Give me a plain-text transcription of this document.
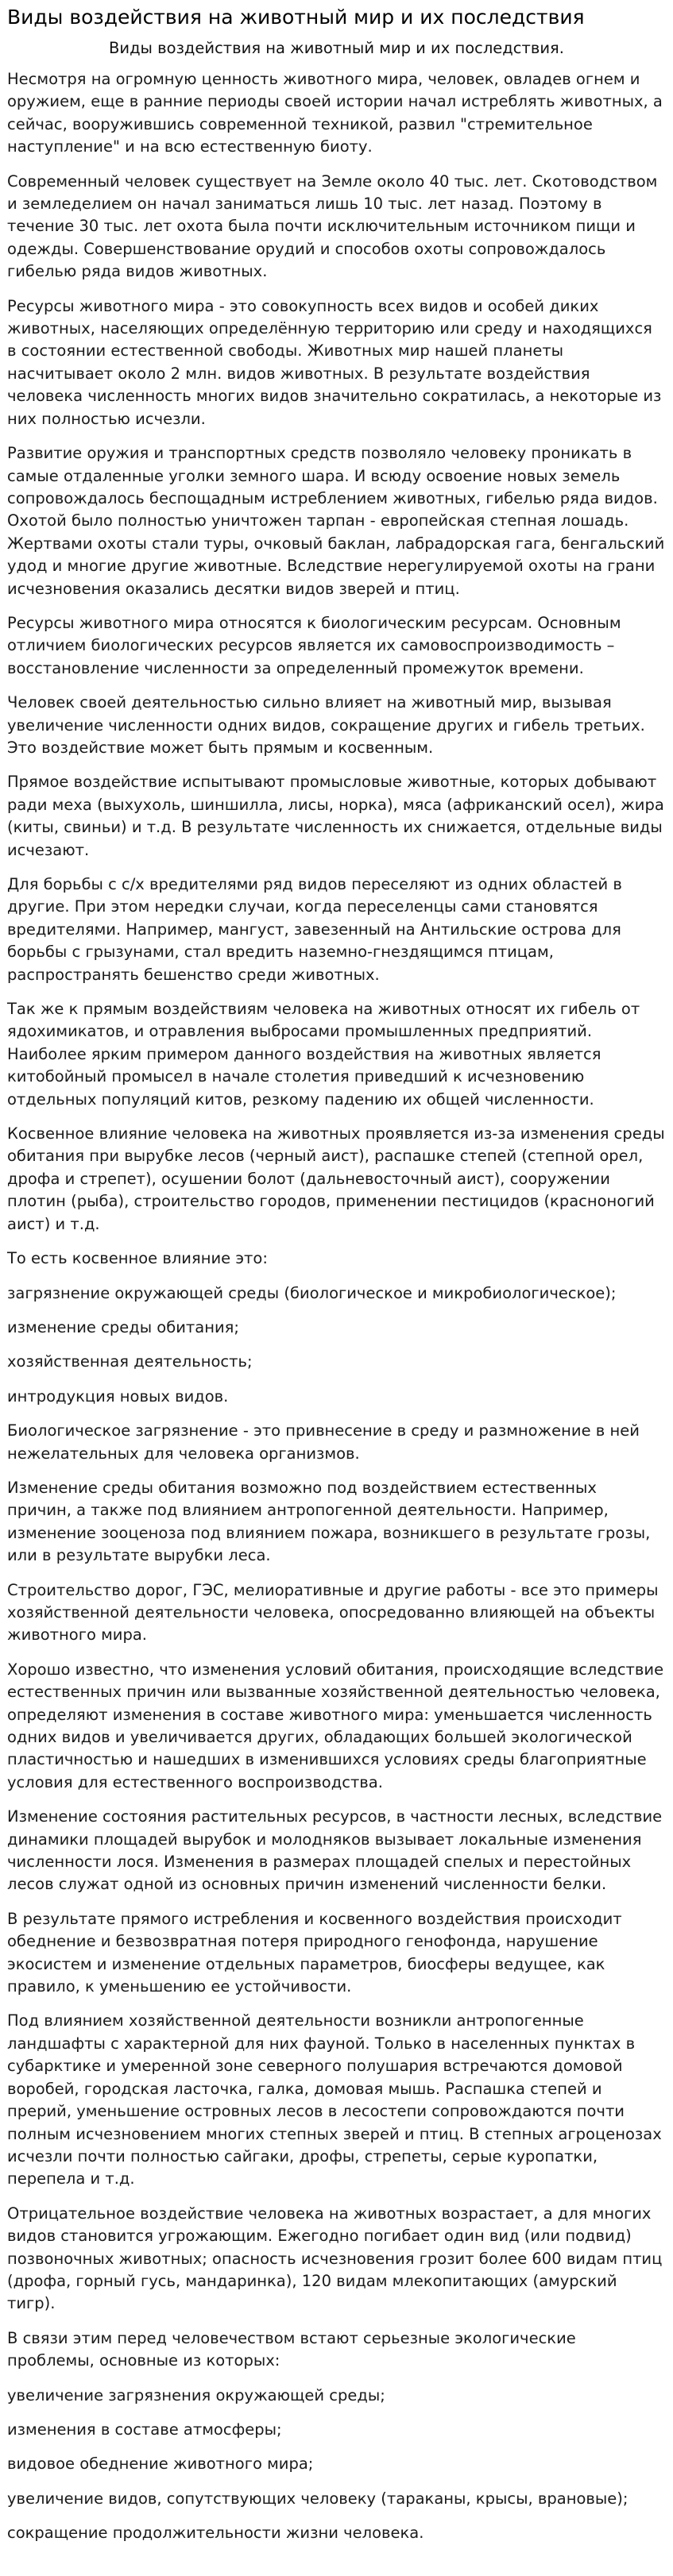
Виды воздействия на животный мир и их последствия
Виды воздействия на животный мир и их последствия.

Несмотря на огромную ценность животного мира, человек, овладев огнем и оружием, еще в ранние периоды своей истории начал истреблять животных, а сейчас, вооружившись современной техникой, развил "стремительное наступление" и на всю естественную биоту.

Современный человек существует на Земле около 40 тыс. лет. Скотоводством и земледелием он начал заниматься лишь 10 тыс. лет назад. Поэтому в течение 30 тыс. лет охота была почти исключительным источником пищи и одежды. Совершенствование орудий и способов охоты сопровождалось гибелью ряда видов животных.

Ресурсы животного мира - это совокупность всех видов и особей диких животных, населяющих определённую территорию или среду и находящихся в состоянии естественной свободы. Животных мир нашей планеты насчитывает около 2 млн. видов животных. В результате воздействия человека численность многих видов значительно сократилась, а некоторые из них полностью исчезли.

Развитие оружия и транспортных средств позволяло человеку проникать в самые отдаленные уголки земного шара. И всюду освоение новых земель сопровождалось беспощадным истреблением животных, гибелью ряда видов. Охотой было полностью уничтожен тарпан - европейская степная лошадь. Жертвами охоты стали туры, очковый баклан, лабрадорская гага, бенгальский удод и многие другие животные. Вследствие нерегулируемой охоты на грани исчезновения оказались десятки видов зверей и птиц.

Ресурсы животного мира относятся к биологическим ресурсам. Основным отличием биологических ресурсов является их самовоспроизводимость – восстановление численности за определенный промежуток времени.

Человек своей деятельностью сильно влияет на животный мир, вызывая увеличение численности одних видов, сокращение других и гибель третьих. Это воздействие может быть прямым и косвенным.

Прямое воздействие испытывают промысловые животные, которых добывают ради меха (выхухоль, шиншилла, лисы, норка), мяса (африканский осел), жира (киты, свиньи) и т.д. В результате численность их снижается, отдельные виды исчезают.

Для борьбы с с/х вредителями ряд видов переселяют из одних областей в другие. При этом нередки случаи, когда переселенцы сами становятся вредителями. Например, мангуст, завезенный на Антильские острова для борьбы с грызунами, стал вредить наземно-гнездящимся птицам, распространять бешенство среди животных.

Так же к прямым воздействиям человека на животных относят их гибель от ядохимикатов, и отравления выбросами промышленных предприятий. Наиболее ярким примером данного воздействия на животных является китобойный промысел в начале столетия приведший к исчезновению отдельных популяций китов, резкому падению их общей численности.

Косвенное влияние человека на животных проявляется из-за изменения среды обитания при вырубке лесов (черный аист), распашке степей (степной орел, дрофа и стрепет), осушении болот (дальневосточный аист), сооружении плотин (рыба), строительство городов, применении пестицидов (красноногий аист) и т.д.

То есть косвенное влияние это:

загрязнение окружающей среды (биологическое и микробиологическое);

изменение среды обитания;

хозяйственная деятельность;

интродукция новых видов.

Биологическое загрязнение - это привнесение в среду и размножение в ней нежелательных для человека организмов.

Изменение среды обитания возможно под воздействием естественных причин, а также под влиянием антропогенной деятельности. Например, изменение зооценоза под влиянием пожара, возникшего в результате грозы, или в результате вырубки леса.

Строительство дорог, ГЭС, мелиоративные и другие работы - все это примеры хозяйственной деятельности человека, опосредованно влияющей на объекты животного мира.

Хорошо известно, что изменения условий обитания, происходящие вследствие естественных причин или вызванные хозяйственной деятельностью человека, определяют изменения в составе животного мира: уменьшается численность одних видов и увеличивается других, обладающих большей экологической пластичностью и нашедших в изменившихся условиях среды благоприятные условия для естественного воспроизводства.

Изменение состояния растительных ресурсов, в частности лесных, вследствие динамики площадей вырубок и молодняков вызывает локальные изменения численности лося. Изменения в размерах площадей спелых и перестойных лесов служат одной из основных причин изменений численности белки.

В результате прямого истребления и косвенного воздействия происходит обеднение и безвозвратная потеря природного генофонда, нарушение экосистем и изменение отдельных параметров, биосферы ведущее, как правило, к уменьшению ее устойчивости.

Под влиянием хозяйственной деятельности возникли антропогенные ландшафты с характерной для них фауной. Только в населенных пунктах в субарктике и умеренной зоне северного полушария встречаются домовой воробей, городская ласточка, галка, домовая мышь. Распашка степей и прерий, уменьшение островных лесов в лесостепи сопровождаются почти полным исчезновением многих степных зверей и птиц. В степных агроценозах исчезли почти полностью сайгаки, дрофы, стрепеты, серые куропатки, перепела и т.д.

Отрицательное воздействие человека на животных возрастает, а для многих видов становится угрожающим. Ежегодно погибает один вид (или подвид) позвоночных животных; опасность исчезновения грозит более 600 видам птиц (дрофа, горный гусь, мандаринка), 120 видам млекопитающих (амурский тигр).

В связи этим перед человечеством встают серьезные экологические проблемы, основные из которых:

увеличение загрязнения окружающей среды;

изменения в составе атмосферы;

видовое обеднение животного мира;

увеличение видов, сопутствующих человеку (тараканы, крысы, врановые);

сокращение продолжительности жизни человека.
